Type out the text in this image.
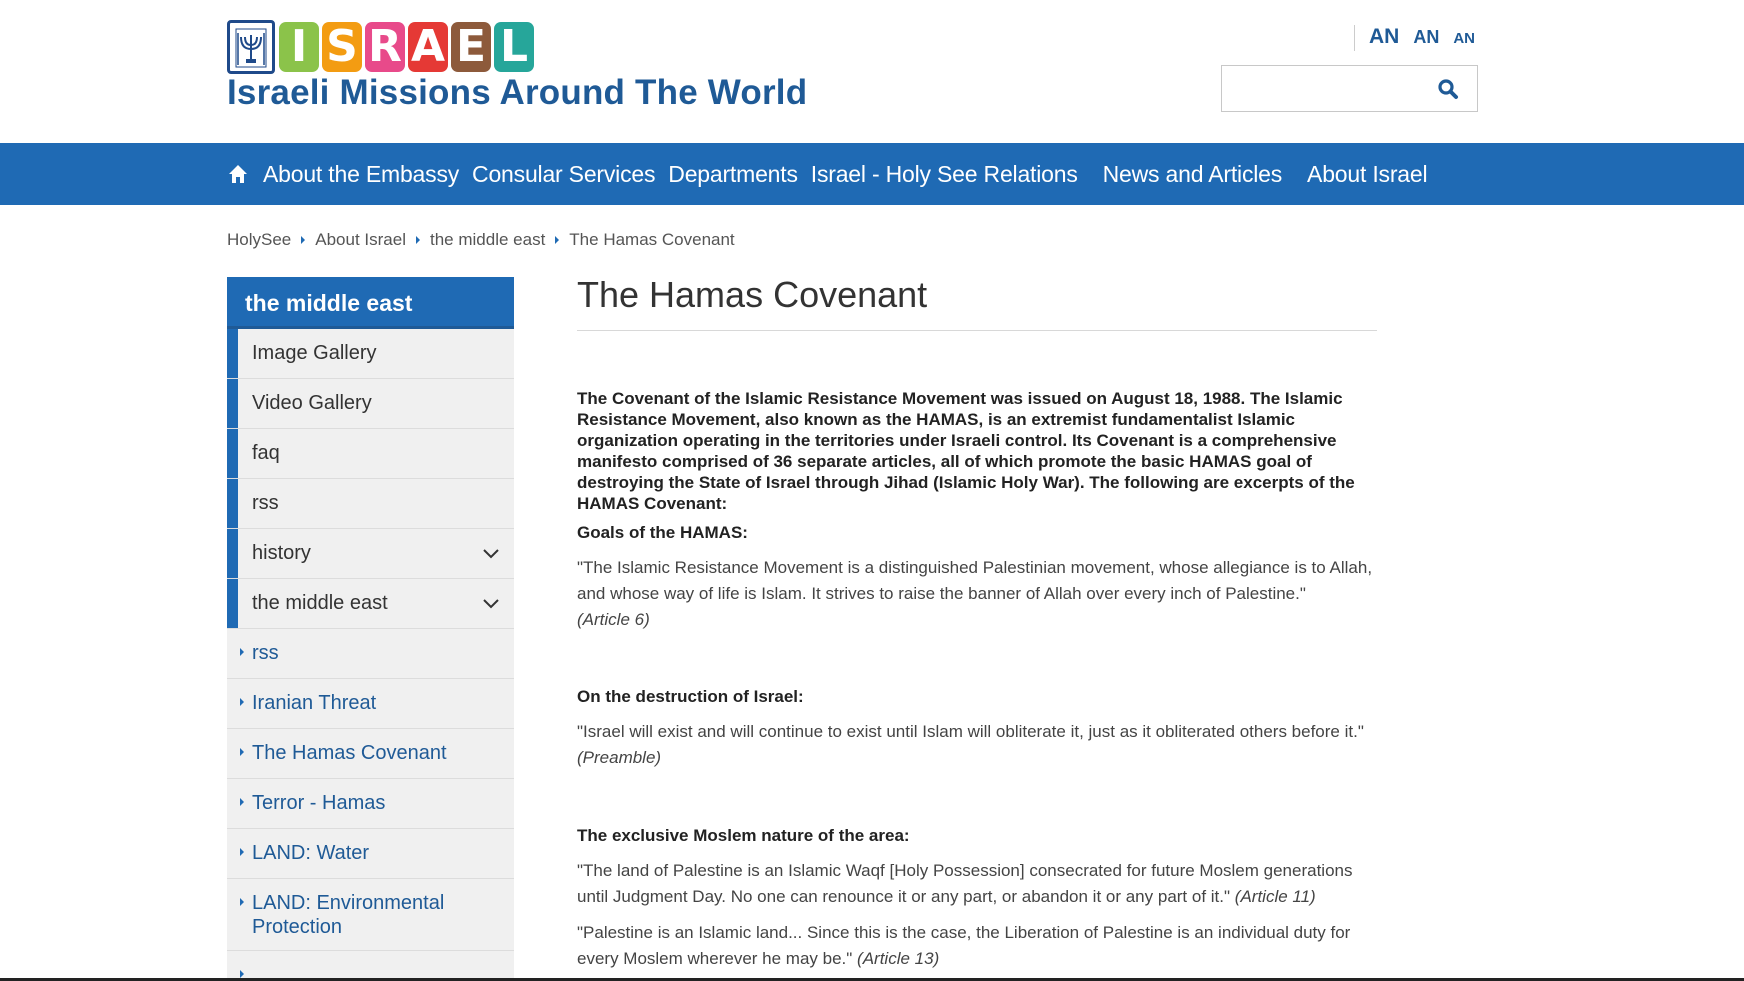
I S R A E L
Israeli Missions Around The World
AN AN AN
About the Embassy Consular Services Departments Israel - Holy See Relations News and Articles About Israel
HolySee About Israel the middle east The Hamas Covenant
the middle east
Image Gallery
Video Gallery
faq
rss
history
the middle east
rss
Iranian Threat
The Hamas Covenant
Terror - Hamas
LAND: Water
LAND: Environmental Protection
The Hamas Covenant

The Covenant of the Islamic Resistance Movement was issued on August 18, 1988. The Islamic Resistance Movement, also known as the HAMAS, is an extremist fundamentalist Islamic organization operating in the territories under Israeli control. Its Covenant is a comprehensive manifesto comprised of 36 separate articles, all of which promote the basic HAMAS goal of destroying the State of Israel through Jihad (Islamic Holy War). The following are excerpts of the HAMAS Covenant:

Goals of the HAMAS:

"The Islamic Resistance Movement is a distinguished Palestinian movement, whose allegiance is to Allah, and whose way of life is Islam. It strives to raise the banner of Allah over every inch of Palestine."
(Article 6)

On the destruction of Israel:

"Israel will exist and will continue to exist until Islam will obliterate it, just as it obliterated others before it." (Preamble)

The exclusive Moslem nature of the area:

"The land of Palestine is an Islamic Waqf [Holy Possession] consecrated for future Moslem generations until Judgment Day. No one can renounce it or any part, or abandon it or any part of it." (Article 11)

"Palestine is an Islamic land... Since this is the case, the Liberation of Palestine is an individual duty for every Moslem wherever he may be." (Article 13)
